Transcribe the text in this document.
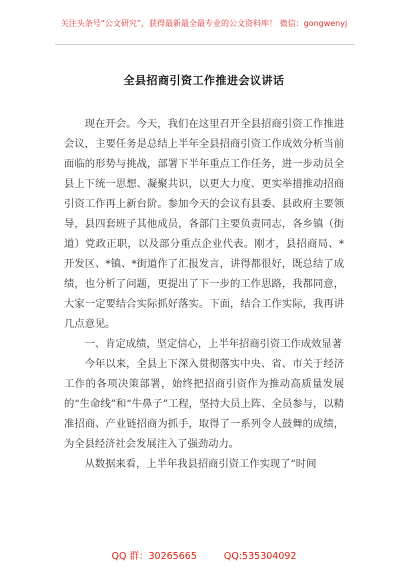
关注头条号“公文研究”，获得最新最全最专业的公文资料库！ 微信：gongwenyj
全县招商引资工作推进会议讲话

现在开会。今天，我们在这里召开全县招商引资工作推进会议，主要任务是总结上半年全县招商引资工作成效分析当前面临的形势与挑战，部署下半年重点工作任务，进一步动员全县上下统一思想、凝聚共识，以更大力度、更实举措推动招商引资工作再上新台阶。参加今天的会议有县委、县政府主要领导，县四套班子其他成员，各部门主要负责同志，各乡镇（街道）党政正职，以及部分重点企业代表。刚才，县招商局、*开发区、*镇、*街道作了汇报发言，讲得都很好，既总结了成绩，也分析了问题，更提出了下一步的工作思路，我都同意，大家一定要结合实际抓好落实。下面，结合工作实际，我再讲几点意见。

一、肯定成绩，坚定信心，上半年招商引资工作成效显著

今年以来，全县上下深入贯彻落实中央、省、市关于经济工作的各项决策部署，始终把招商引资作为推动高质量发展的“生命线”和“牛鼻子”工程，坚持大员上阵、全员参与，以精准招商、产业链招商为抓手，取得了一系列令人鼓舞的成绩，为全县经济社会发展注入了强劲动力。

从数据来看，上半年我县招商引资工作实现了“时间

QQ 群：30265665	QQ:535304092
